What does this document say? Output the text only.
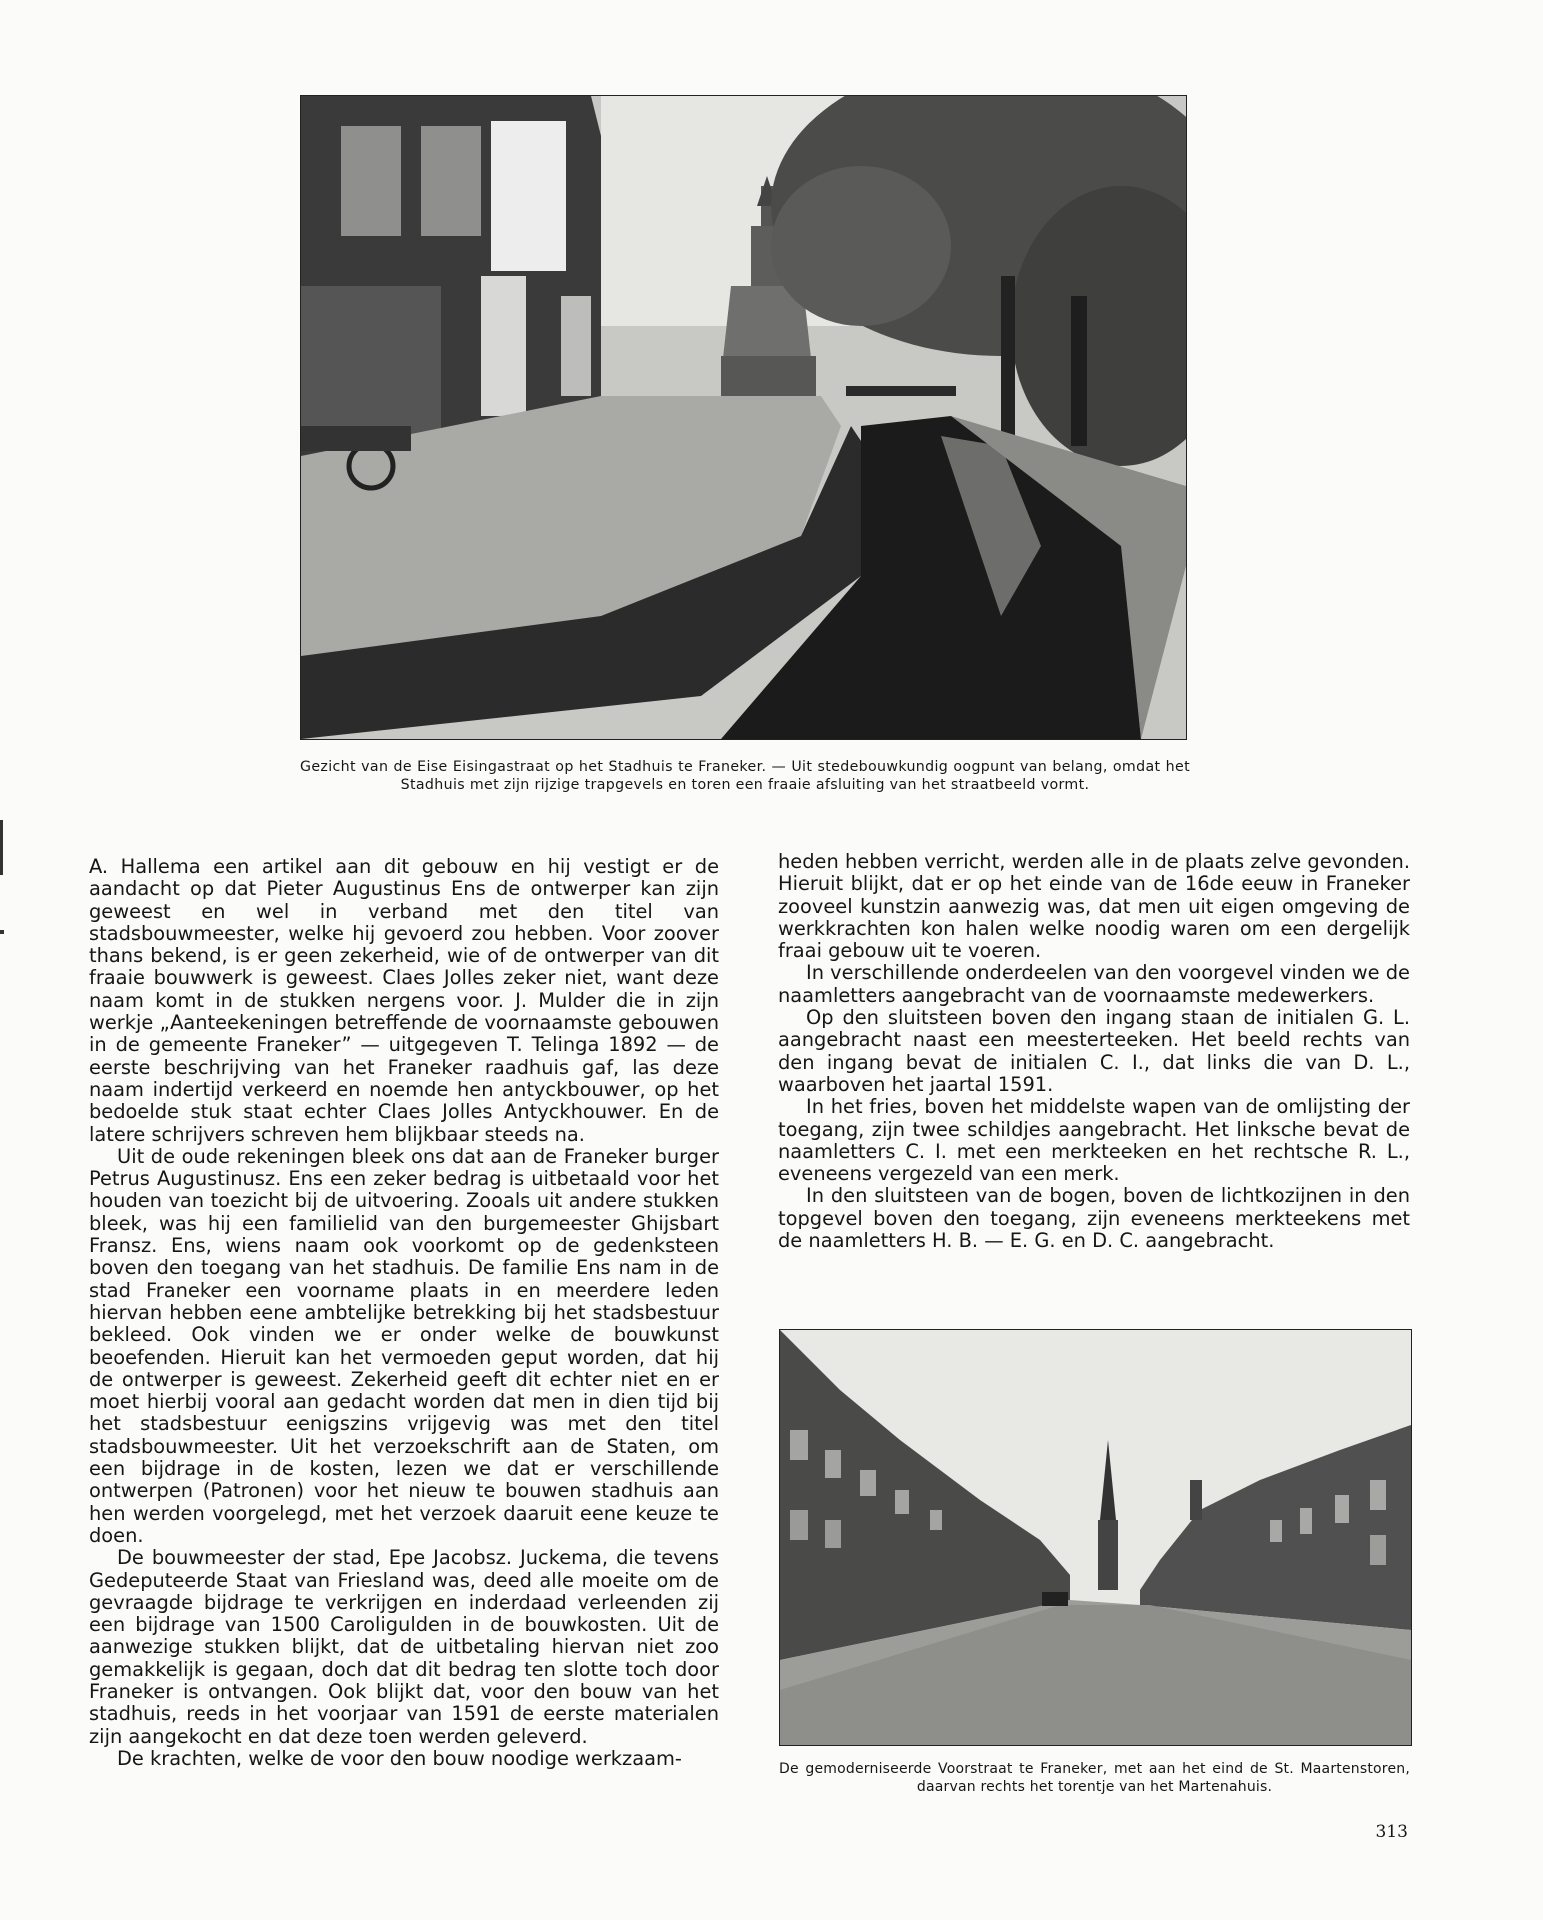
Gezicht van de Eise Eisingastraat op het Stadhuis te Franeker. — Uit stedebouwkundig oogpunt van belang, omdat het Stadhuis met zijn rijzige trapgevels en toren een fraaie afsluiting van het straatbeeld vormt.

A. Hallema een artikel aan dit gebouw en hij vestigt er de aandacht op dat Pieter Augustinus Ens de ontwerper kan zijn geweest en wel in verband met den titel van stadsbouwmeester, welke hij gevoerd zou hebben. Voor zoover thans bekend, is er geen zekerheid, wie of de ontwerper van dit fraaie bouwwerk is geweest. Claes Jolles zeker niet, want deze naam komt in de stukken nergens voor. J. Mulder die in zijn werkje „Aanteekeningen betreffende de voornaamste gebouwen in de gemeente Franeker” — uitgegeven T. Telinga 1892 — de eerste beschrijving van het Franeker raadhuis gaf, las deze naam indertijd verkeerd en noemde hen antyckbouwer, op het bedoelde stuk staat echter Claes Jolles Antyckhouwer. En de latere schrijvers schreven hem blijkbaar steeds na.

Uit de oude rekeningen bleek ons dat aan de Franeker burger Petrus Augustinusz. Ens een zeker bedrag is uitbetaald voor het houden van toezicht bij de uitvoering. Zooals uit andere stukken bleek, was hij een familielid van den burgemeester Ghijsbart Fransz. Ens, wiens naam ook voorkomt op de gedenksteen boven den toegang van het stadhuis. De familie Ens nam in de stad Franeker een voorname plaats in en meerdere leden hiervan hebben eene ambtelijke betrekking bij het stadsbestuur bekleed. Ook vinden we er onder welke de bouwkunst beoefenden. Hieruit kan het vermoeden geput worden, dat hij de ontwerper is geweest. Zekerheid geeft dit echter niet en er moet hierbij vooral aan gedacht worden dat men in dien tijd bij het stadsbestuur eenigszins vrijgevig was met den titel stadsbouwmeester. Uit het verzoekschrift aan de Staten, om een bijdrage in de kosten, lezen we dat er verschillende ontwerpen (Patronen) voor het nieuw te bouwen stadhuis aan hen werden voorgelegd, met het verzoek daaruit eene keuze te doen.

De bouwmeester der stad, Epe Jacobsz. Juckema, die tevens Gedeputeerde Staat van Friesland was, deed alle moeite om de gevraagde bijdrage te verkrijgen en inderdaad verleenden zij een bijdrage van 1500 Caroligulden in de bouwkosten. Uit de aanwezige stukken blijkt, dat de uitbetaling hiervan niet zoo gemakkelijk is gegaan, doch dat dit bedrag ten slotte toch door Franeker is ontvangen. Ook blijkt dat, voor den bouw van het stadhuis, reeds in het voorjaar van 1591 de eerste materialen zijn aangekocht en dat deze toen werden geleverd.

De krachten, welke de voor den bouw noodige werkzaam-

heden hebben verricht, werden alle in de plaats zelve gevonden. Hieruit blijkt, dat er op het einde van de 16de eeuw in Franeker zooveel kunstzin aanwezig was, dat men uit eigen omgeving de werkkrachten kon halen welke noodig waren om een dergelijk fraai gebouw uit te voeren.

In verschillende onderdeelen van den voorgevel vinden we de naamletters aangebracht van de voornaamste medewerkers.

Op den sluitsteen boven den ingang staan de initialen G. L. aangebracht naast een meesterteeken. Het beeld rechts van den ingang bevat de initialen C. I., dat links die van D. L., waarboven het jaartal 1591.

In het fries, boven het middelste wapen van de omlijsting der toegang, zijn twee schildjes aangebracht. Het linksche bevat de naamletters C. I. met een merkteeken en het rechtsche R. L., eveneens vergezeld van een merk.

In den sluitsteen van de bogen, boven de lichtkozijnen in den topgevel boven den toegang, zijn eveneens merkteekens met de naamletters H. B. — E. G. en D. C. aangebracht.

De gemoderniseerde Voorstraat te Franeker, met aan het eind de St. Maartenstoren, daarvan rechts het torentje van het Martenahuis.
313
